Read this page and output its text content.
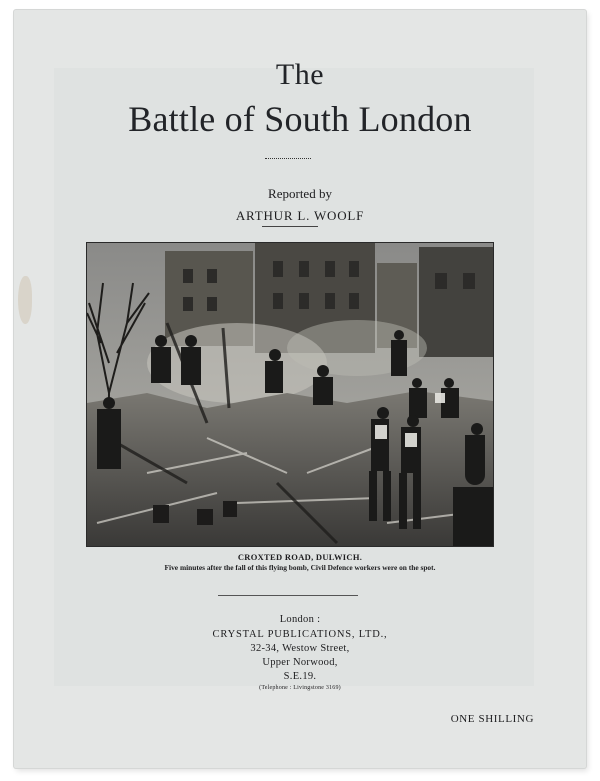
The
Battle of South London
Reported by
ARTHUR L. WOOLF
CROXTED ROAD, DULWICH.
Five minutes after the fall of this flying bomb, Civil Defence workers were on the spot.
London :
CRYSTAL PUBLICATIONS, LTD.,
32-34, Westow Street,
Upper Norwood,
S.E.19.
(Telephone : Livingstone 3169)
ONE SHILLING
